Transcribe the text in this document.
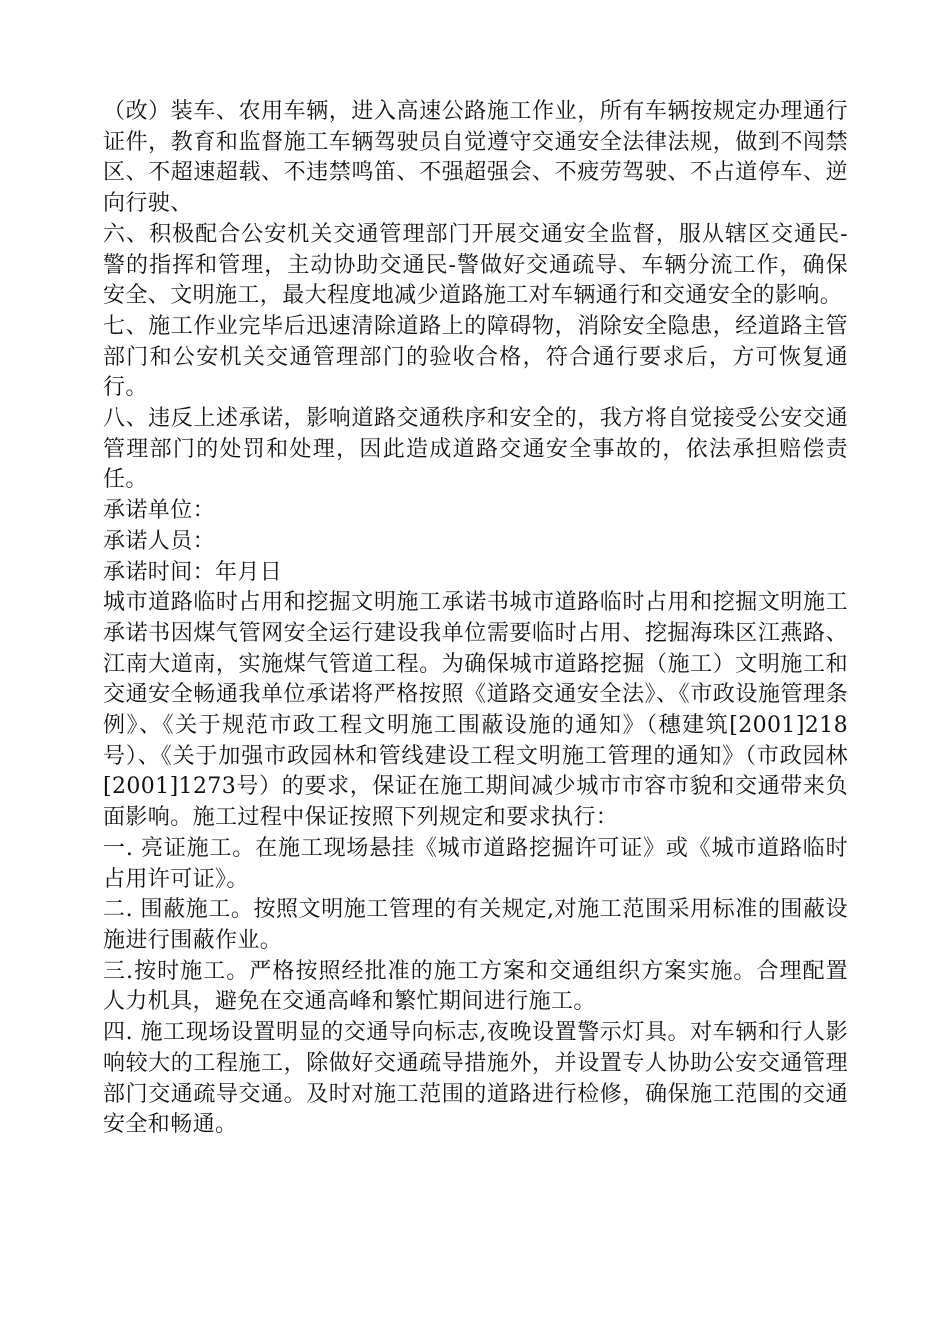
（改）装车、农用车辆，进入高速公路施工作业，所有车辆按规定办理通行证件，教育和监督施工车辆驾驶员自觉遵守交通安全法律法规，做到不闯禁区、不超速超载、不违禁鸣笛、不强超强会、不疲劳驾驶、不占道停车、逆向行驶、

六、积极配合公安机关交通管理部门开展交通安全监督，服从辖区交通民-警的指挥和管理，主动协助交通民-警做好交通疏导、车辆分流工作，确保安全、文明施工，最大程度地减少道路施工对车辆通行和交通安全的影响。

七、施工作业完毕后迅速清除道路上的障碍物，消除安全隐患，经道路主管部门和公安机关交通管理部门的验收合格，符合通行要求后，方可恢复通行。

八、违反上述承诺，影响道路交通秩序和安全的，我方将自觉接受公安交通管理部门的处罚和处理，因此造成道路交通安全事故的，依法承担赔偿责任。

承诺单位：

承诺人员：

承诺时间：年月日

城市道路临时占用和挖掘文明施工承诺书城市道路临时占用和挖掘文明施工承诺书因煤气管网安全运行建设我单位需要临时占用、挖掘海珠区江燕路、江南大道南，实施煤气管道工程。为确保城市道路挖掘（施工）文明施工和交通安全畅通我单位承诺将严格按照《道路交通安全法》、《市政设施管理条例》、《关于规范市政工程文明施工围蔽设施的通知》（穗建筑[2001]218号）、《关于加强市政园林和管线建设工程文明施工管理的通知》（市政园林[2001]1273号）的要求，保证在施工期间减少城市市容市貌和交通带来负面影响。施工过程中保证按照下列规定和要求执行：

一. 亮证施工。在施工现场悬挂《城市道路挖掘许可证》或《城市道路临时占用许可证》。

二. 围蔽施工。按照文明施工管理的有关规定,对施工范围采用标准的围蔽设施进行围蔽作业。

三.按时施工。严格按照经批准的施工方案和交通组织方案实施。合理配置人力机具，避免在交通高峰和繁忙期间进行施工。

四. 施工现场设置明显的交通导向标志,夜晚设置警示灯具。对车辆和行人影响较大的工程施工，除做好交通疏导措施外，并设置专人协助公安交通管理部门交通疏导交通。及时对施工范围的道路进行检修，确保施工范围的交通安全和畅通。
